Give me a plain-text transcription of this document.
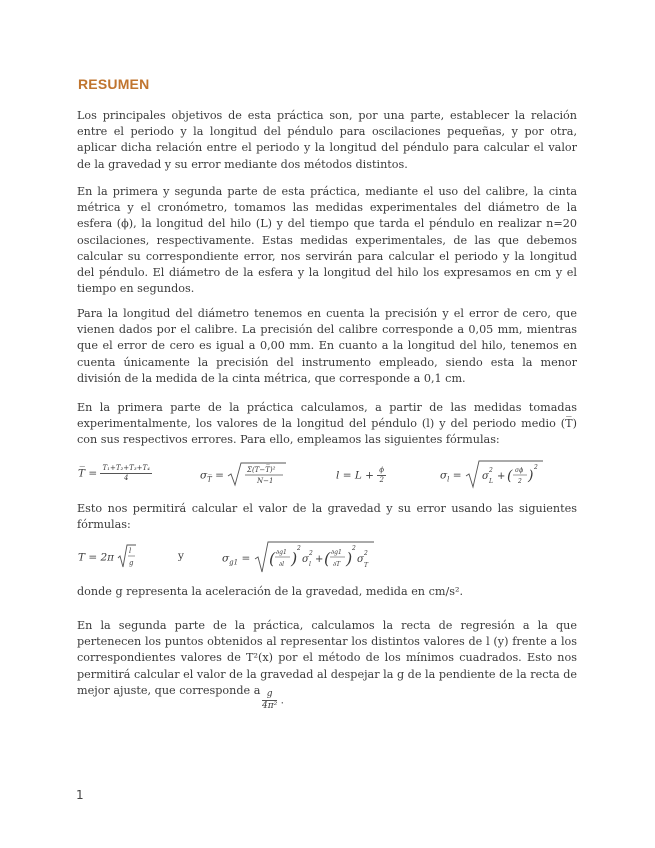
RESUMEN

Los principales objetivos de esta práctica son, por una parte, establecer la relación entre el periodo y la longitud del péndulo para oscilaciones pequeñas, y por otra, aplicar dicha relación entre el periodo y la longitud del péndulo para calcular el valor de la gravedad y su error mediante dos métodos distintos.

En la primera y segunda parte de esta práctica, mediante el uso del calibre, la cinta métrica y el cronómetro, tomamos las medidas experimentales del diámetro de la esfera (ϕ), la longitud del hilo (L) y del tiempo que tarda el péndulo en realizar n=20 oscilaciones, respectivamente. Estas medidas experimentales, de las que debemos calcular su correspondiente error, nos servirán para calcular el periodo y la longitud del péndulo. El diámetro de la esfera y la longitud del hilo los expresamos en cm y el tiempo en segundos.

Para la longitud del diámetro tenemos en cuenta la precisión y el error de cero, que vienen dados por el calibre. La precisión del calibre corresponde a 0,05 mm, mientras que el error de cero es igual a 0,00 mm. En cuanto a la longitud del hilo, tenemos en cuenta únicamente la precisión del instrumento empleado, siendo esta la menor división de la medida de la cinta métrica, que corresponde a 0,1 cm.

En la primera parte de la práctica calculamos, a partir de las medidas tomadas experimentalmente, los valores de la longitud del péndulo (l) y del periodo medio (T̅) con sus respectivos errores. Para ello, empleamos las siguientes fórmulas:

T̅ = $\frac{\text{T₁+T₂+T₃+T₄}}{4}$	$\sigma_{T̅}$ =	Σ(T−T̅)²
N−1	$l = L + \frac{\phi}{2}$	$\sigma_l = \sigma$
2
L + ( σϕ
2 )
2

Esto nos permitirá calcular el valor de la gravedad y su error usando las siguientes fórmulas:

T = 2π
l
g
y	$\sigma_{g1}$ = ( ∂g1
∂l )
2
σ
2
l + ( ∂g1
∂T )
2
σ
2
T

donde g representa la aceleración de la gravedad, medida en cm/s².

En la segunda parte de la práctica, calculamos la recta de regresión a la que pertenecen los puntos obtenidos al representar los distintos valores de l (y) frente a los correspondientes valores de T²(x) por el método de los mínimos cuadrados. Esto nos permitirá calcular el valor de la gravedad al despejar la g de la pendiente de la recta de mejor ajuste, que corresponde a $\frac{g}{\text{4π²}}$ .
1
